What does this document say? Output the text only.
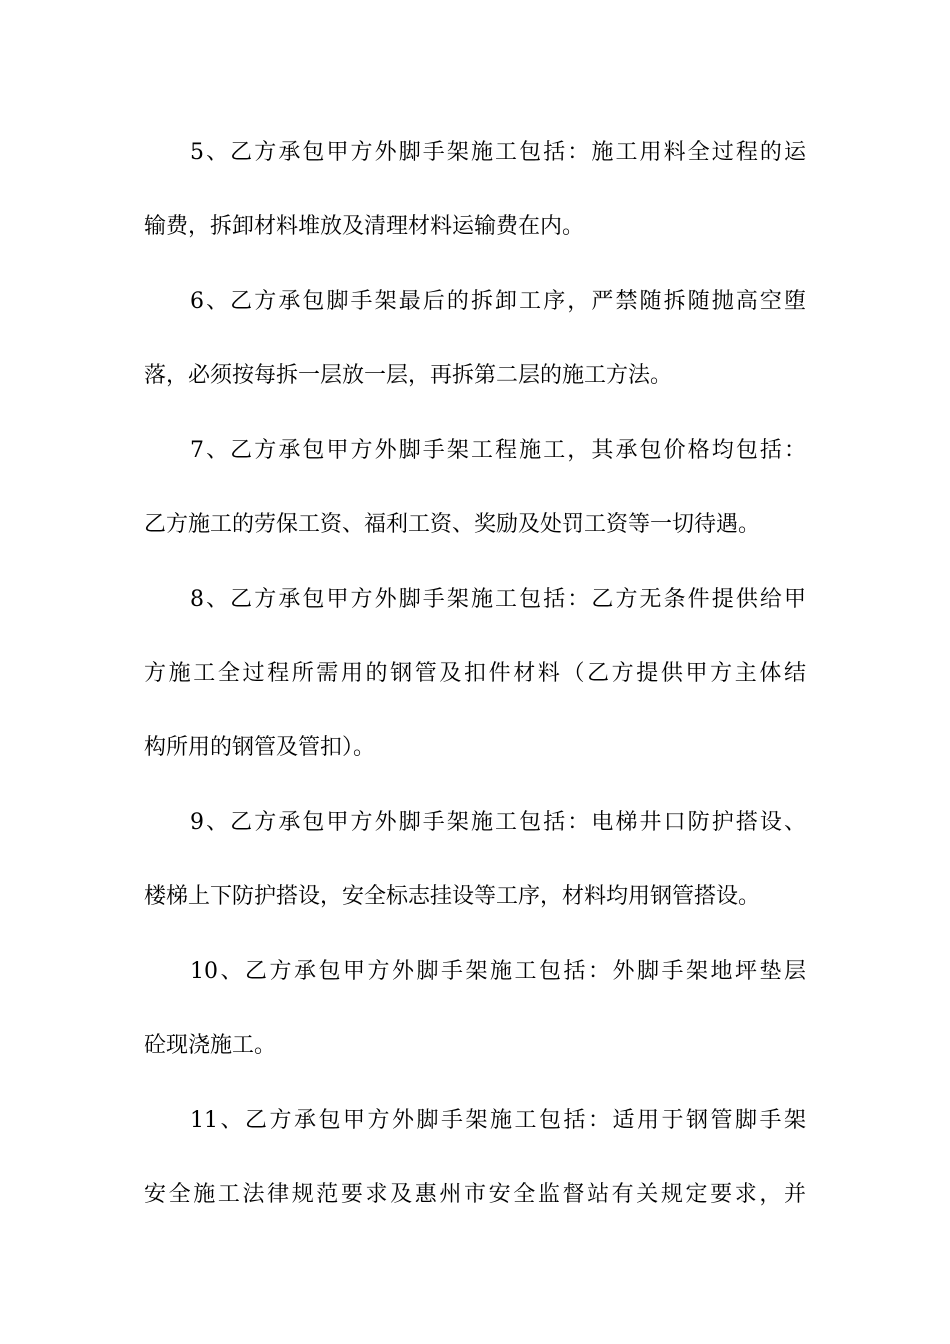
5、乙方承包甲方外脚手架施工包括：施工用料全过程的运
输费，拆卸材料堆放及清理材料运输费在内。
6、乙方承包脚手架最后的拆卸工序，严禁随拆随抛高空堕
落，必须按每拆一层放一层，再拆第二层的施工方法。
7、乙方承包甲方外脚手架工程施工，其承包价格均包括：
乙方施工的劳保工资、福利工资、奖励及处罚工资等一切待遇。
8、乙方承包甲方外脚手架施工包括：乙方无条件提供给甲
方施工全过程所需用的钢管及扣件材料（乙方提供甲方主体结
构所用的钢管及管扣）。
9、乙方承包甲方外脚手架施工包括：电梯井口防护搭设、
楼梯上下防护搭设，安全标志挂设等工序，材料均用钢管搭设。
10、乙方承包甲方外脚手架施工包括：外脚手架地坪垫层
砼现浇施工。
11、乙方承包甲方外脚手架施工包括：适用于钢管脚手架
安全施工法律规范要求及惠州市安全监督站有关规定要求，并
